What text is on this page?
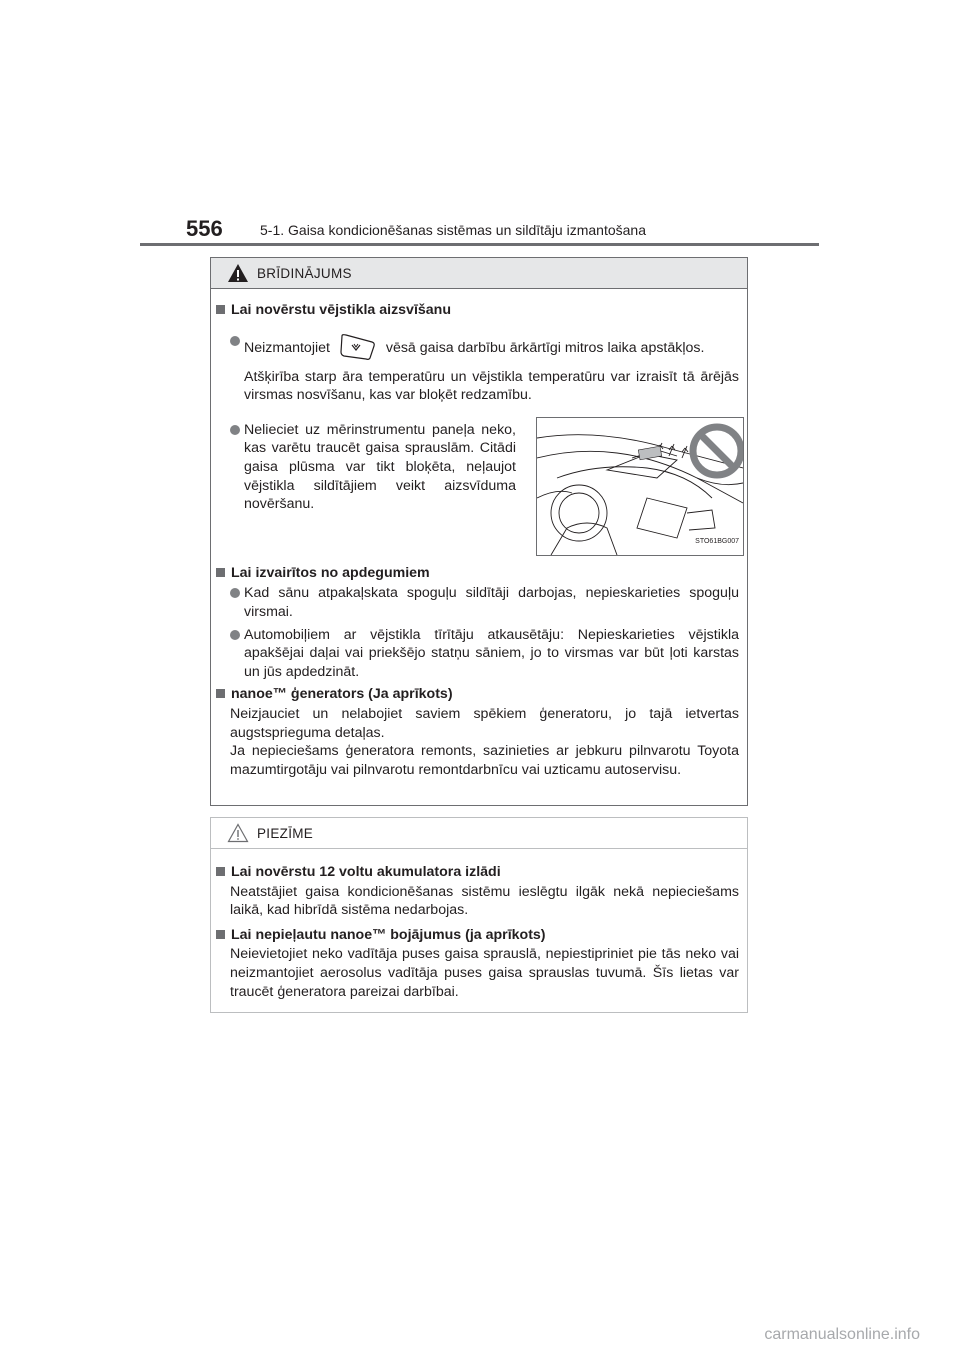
556	5-1. Gaisa kondicionēšanas sistēmas un sildītāju izmantošana
BRĪDINĀJUMS
Lai novērstu vējstikla aizsvīšanu
Neizmantojiet	vēsā gaisa darbību ārkārtīgi mitros laika apstākļos.
Atšķirība starp āra temperatūru un vējstikla temperatūru var izraisīt tā ārējās virsmas nosvīšanu, kas var bloķēt redzamību.
Nelieciet uz mērinstrumentu paneļa neko, kas varētu traucēt gaisa sprauslām. Citādi gaisa plūsma var tikt bloķēta, neļaujot vējstikla sildītājiem veikt aizsvīduma novēršanu.
STO61BG007
Lai izvairītos no apdegumiem
Kad sānu atpakaļskata spoguļu sildītāji darbojas, nepieskarieties spoguļu virsmai.
Automobiļiem ar vējstikla tīrītāju atkausētāju: Nepieskarieties vējstikla apakšējai daļai vai priekšējo statņu sāniem, jo to virsmas var būt ļoti karstas un jūs apdedzināt.
nanoe™ ģenerators (Ja aprīkots)

Neizjauciet un nelabojiet saviem spēkiem ģeneratoru, jo tajā ietvertas augstsprieguma detaļas.

Ja nepieciešams ģeneratora remonts, sazinieties ar jebkuru pilnvarotu Toyota mazumtirgotāju vai pilnvarotu remontdarbnīcu vai uzticamu autoservisu.

PIEZĪME
Lai novērstu 12 voltu akumulatora izlādi
Neatstājiet gaisa kondicionēšanas sistēmu ieslēgtu ilgāk nekā nepieciešams laikā, kad hibrīdā sistēma nedarbojas.
Lai nepieļautu nanoe™ bojājumus (ja aprīkots)
Neievietojiet neko vadītāja puses gaisa sprauslā, nepiestipriniet pie tās neko vai neizmantojiet aerosolus vadītāja puses gaisa sprauslas tuvumā. Šīs lietas var traucēt ģeneratora pareizai darbībai.
carmanualsonline.info
